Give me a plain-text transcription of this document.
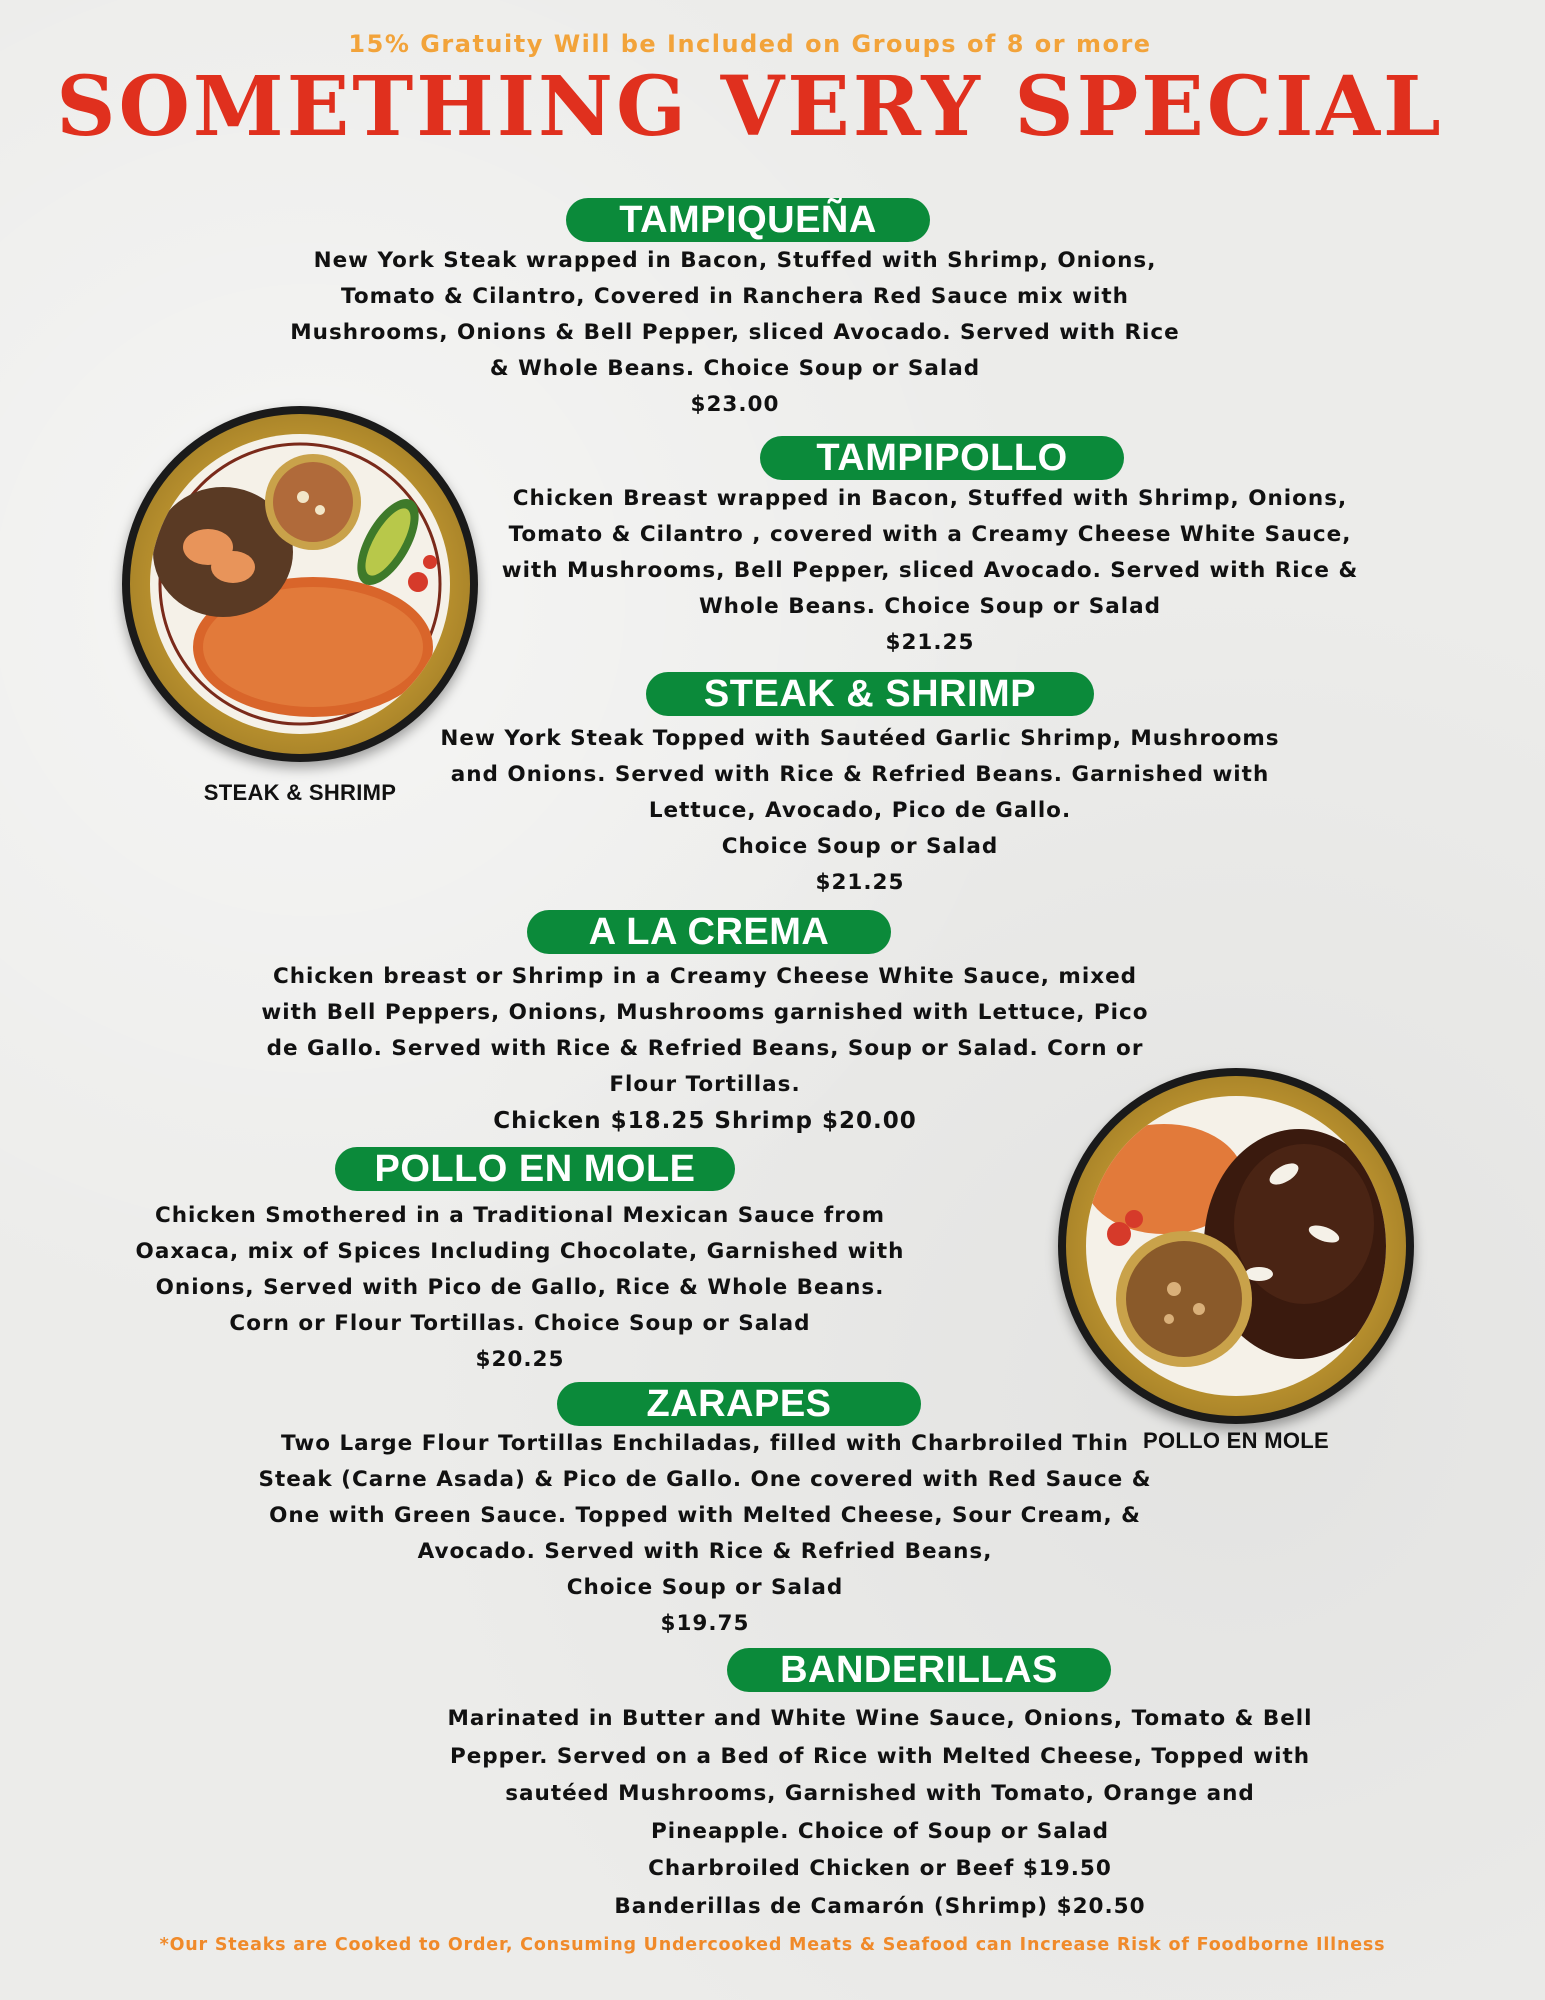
15% Gratuity Will be Included on Groups of 8 or more
SOMETHING VERY SPECIAL
TAMPIQUEÑA
New York Steak wrapped in Bacon, Stuffed with Shrimp, Onions,
Tomato & Cilantro, Covered in Ranchera Red Sauce mix with
Mushrooms, Onions & Bell Pepper, sliced Avocado. Served with Rice
& Whole Beans. Choice Soup or Salad
$23.00
TAMPIPOLLO
Chicken Breast wrapped in Bacon, Stuffed with Shrimp, Onions,
Tomato & Cilantro , covered with a Creamy Cheese White Sauce,
with Mushrooms, Bell Pepper, sliced Avocado. Served with Rice &
Whole Beans. Choice Soup or Salad
$21.25
STEAK & SHRIMP
New York Steak Topped with Sautéed Garlic Shrimp, Mushrooms
and Onions. Served with Rice & Refried Beans. Garnished with
Lettuce, Avocado, Pico de Gallo.
Choice Soup or Salad
$21.25
A LA CREMA
Chicken breast or Shrimp in a Creamy Cheese White Sauce, mixed
with Bell Peppers, Onions, Mushrooms garnished with Lettuce, Pico
de Gallo. Served with Rice & Refried Beans, Soup or Salad. Corn or
Flour Tortillas.
Chicken $18.25 Shrimp $20.00
POLLO EN MOLE
Chicken Smothered in a Traditional Mexican Sauce from
Oaxaca, mix of Spices Including Chocolate, Garnished with
Onions, Served with Pico de Gallo, Rice & Whole Beans.
Corn or Flour Tortillas. Choice Soup or Salad
$20.25
ZARAPES
Two Large Flour Tortillas Enchiladas, filled with Charbroiled Thin
Steak (Carne Asada) & Pico de Gallo. One covered with Red Sauce &
One with Green Sauce. Topped with Melted Cheese, Sour Cream, &
Avocado. Served with Rice & Refried Beans,
Choice Soup or Salad
$19.75
BANDERILLAS
Marinated in Butter and White Wine Sauce, Onions, Tomato & Bell
Pepper. Served on a Bed of Rice with Melted Cheese, Topped with
sautéed Mushrooms, Garnished with Tomato, Orange and
Pineapple. Choice of Soup or Salad
Charbroiled Chicken or Beef $19.50
Banderillas de Camarón (Shrimp) $20.50
STEAK & SHRIMP
POLLO EN MOLE
*Our Steaks are Cooked to Order, Consuming Undercooked Meats & Seafood can Increase Risk of Foodborne Illness
